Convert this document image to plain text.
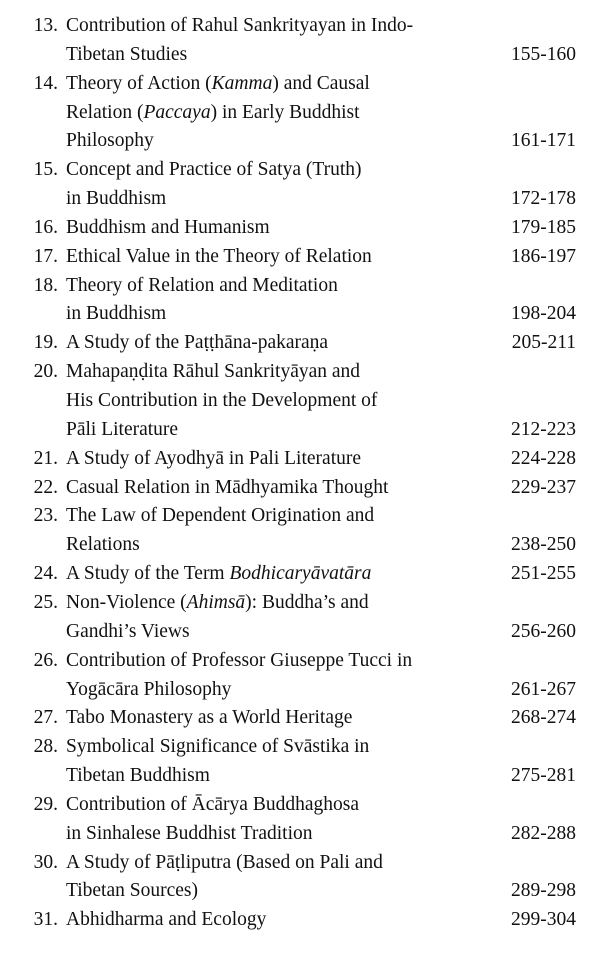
13. Contribution of Rahul Sankrityayan in Indo-
Tibetan Studies	155-160
14. Theory of Action (Kamma) and Causal
Relation (Paccaya) in Early Buddhist
Philosophy	161-171
15. Concept and Practice of Satya (Truth)
in Buddhism	172-178
16. Buddhism and Humanism	179-185
17. Ethical Value in the Theory of Relation	186-197
18. Theory of Relation and Meditation
in Buddhism	198-204
19. A Study of the Paṭṭhāna-pakaraṇa	205-211
20. Mahapaṇḍita Rāhul Sankrityāyan and
His Contribution in the Development of
Pāli Literature	212-223
21. A Study of Ayodhyā in Pali Literature	224-228
22. Casual Relation in Mādhyamika Thought	229-237
23. The Law of Dependent Origination and
Relations	238-250
24. A Study of the Term Bodhicaryāvatāra	251-255
25. Non-Violence (Ahimsā): Buddha’s and
Gandhi’s Views	256-260
26. Contribution of Professor Giuseppe Tucci in
Yogācāra Philosophy	261-267
27. Tabo Monastery as a World Heritage	268-274
28. Symbolical Significance of Svāstika in
Tibetan Buddhism	275-281
29. Contribution of Ācārya Buddhaghosa
in Sinhalese Buddhist Tradition	282-288
30. A Study of Pāṭliputra (Based on Pali and
Tibetan Sources)	289-298
31. Abhidharma and Ecology	299-304
